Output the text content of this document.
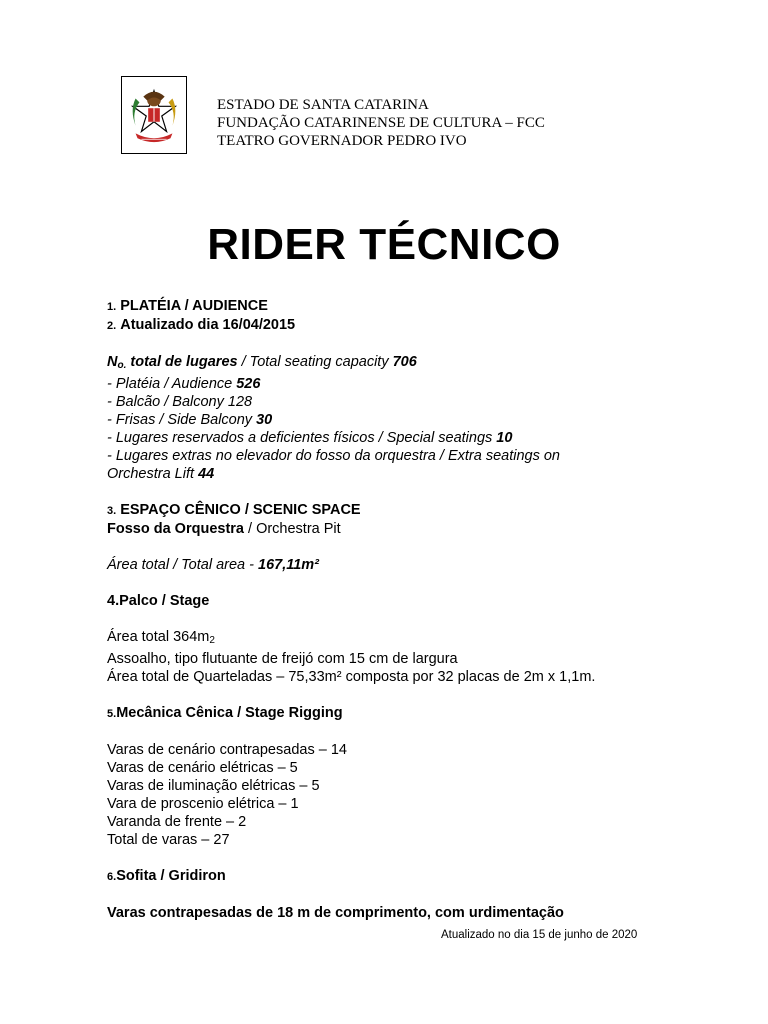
ESTADO DE SANTA CATARINA
FUNDAÇÃO CATARINENSE DE CULTURA – FCC
TEATRO GOVERNADOR PEDRO IVO
RIDER TÉCNICO

1. PLATÉIA / AUDIENCE

2. Atualizado dia 16/04/2015

$N_{o.}$ total de lugares / Total seating capacity 706

- Platéia / Audience 526

- Balcão / Balcony 128

- Frisas / Side Balcony 30

- Lugares reservados a deficientes físicos / Special seatings 10

- Lugares extras no elevador do fosso da orquestra / Extra seatings on

Orchestra Lift 44

3. ESPAÇO CÊNICO / SCENIC SPACE

Fosso da Orquestra / Orchestra Pit

Área total / Total area - 167,11m²

4.Palco / Stage

Área total $364m_2$

Assoalho, tipo flutuante de freijó com 15 cm de largura

Área total de Quarteladas – 75,33m² composta por 32 placas de 2m x 1,1m.

5.Mecânica Cênica / Stage Rigging

Varas de cenário contrapesadas – 14

Varas de cenário elétricas – 5

Varas de iluminação elétricas – 5

Vara de proscenio elétrica – 1

Varanda de frente – 2

Total de varas – 27

6.Sofita / Gridiron

Varas contrapesadas de 18 m de comprimento, com urdimentação

Atualizado no dia 15 de junho de 2020
